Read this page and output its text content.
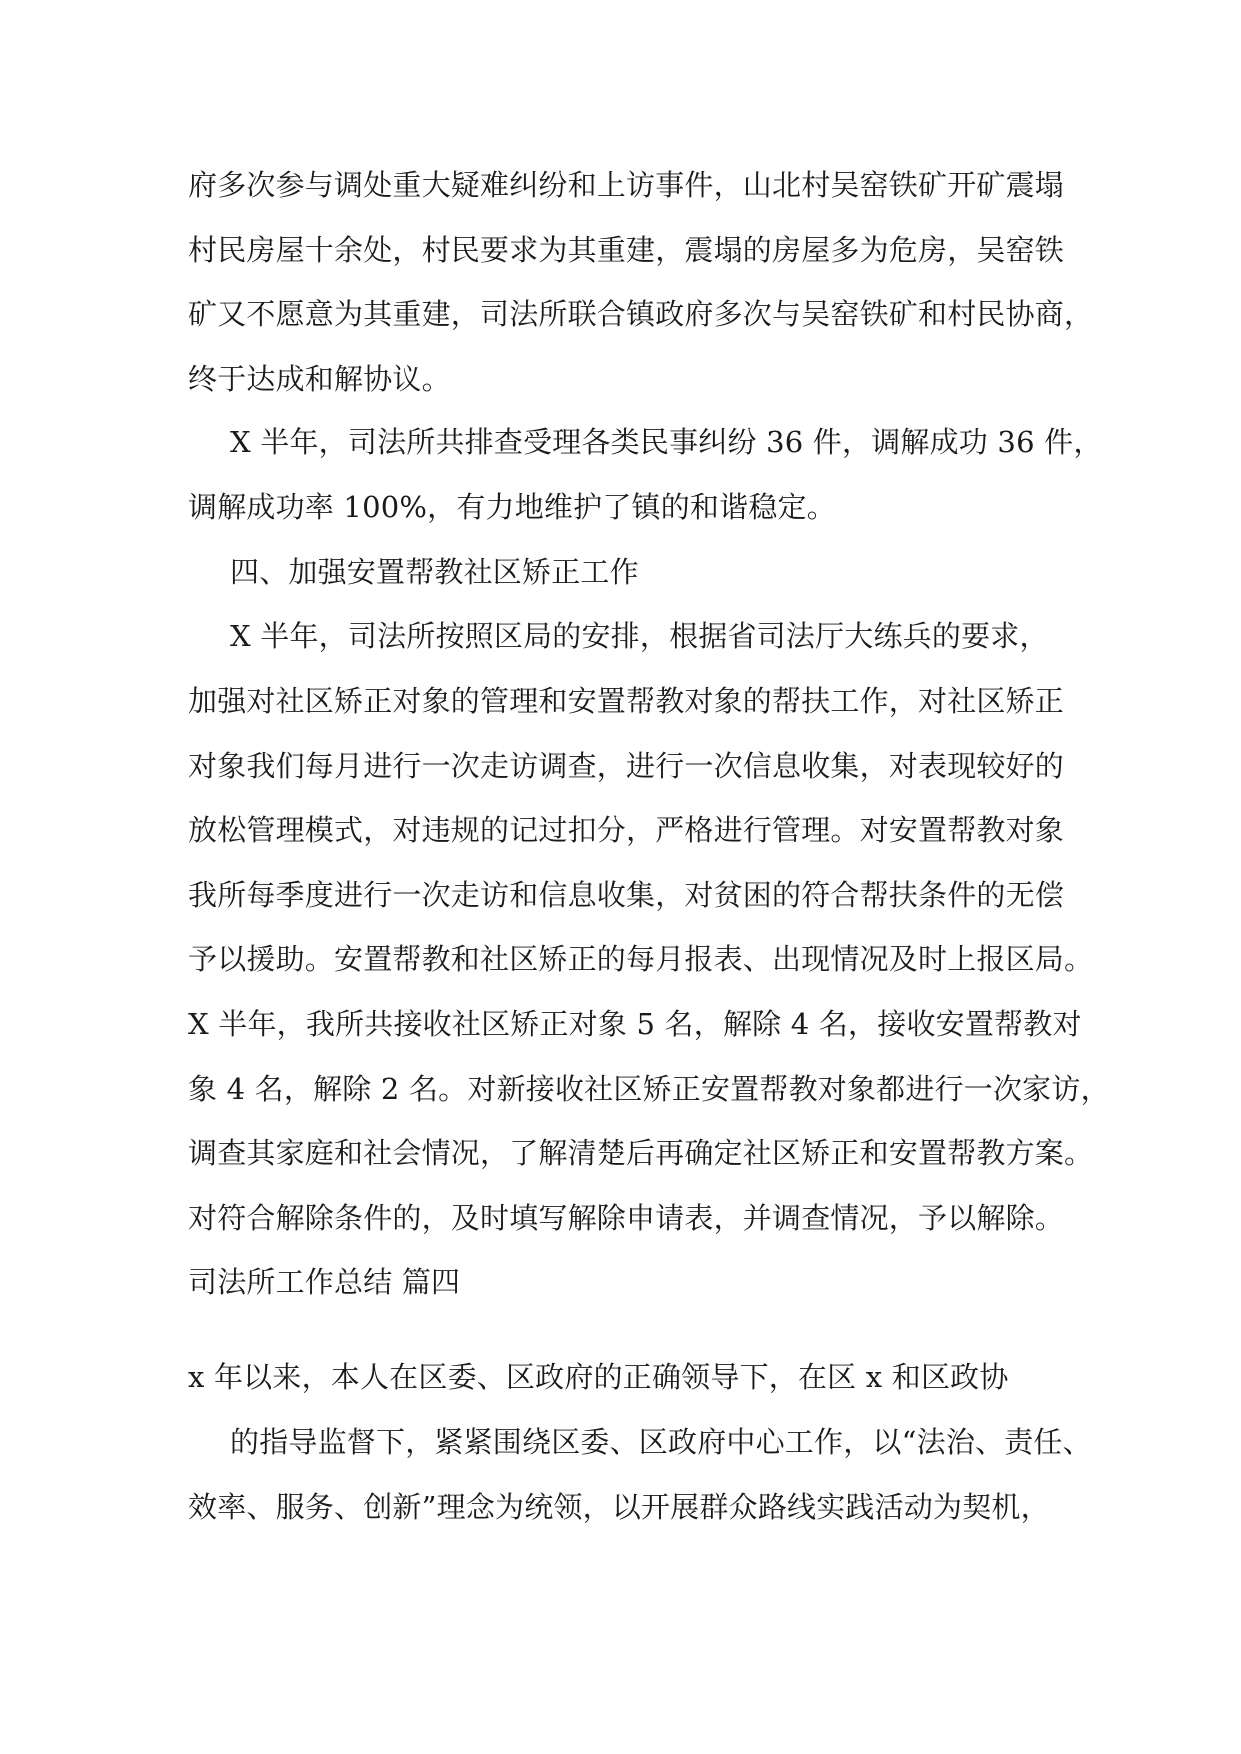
府多次参与调处重大疑难纠纷和上访事件，山北村吴窑铁矿开矿震塌
村民房屋十余处，村民要求为其重建，震塌的房屋多为危房，吴窑铁
矿又不愿意为其重建，司法所联合镇政府多次与吴窑铁矿和村民协商，
终于达成和解协议。
X 半年，司法所共排查受理各类民事纠纷 36 件，调解成功 36 件，
调解成功率 100%，有力地维护了镇的和谐稳定。
四、加强安置帮教社区矫正工作
X 半年，司法所按照区局的安排，根据省司法厅大练兵的要求，
加强对社区矫正对象的管理和安置帮教对象的帮扶工作，对社区矫正
对象我们每月进行一次走访调查，进行一次信息收集，对表现较好的
放松管理模式，对违规的记过扣分，严格进行管理。对安置帮教对象
我所每季度进行一次走访和信息收集，对贫困的符合帮扶条件的无偿
予以援助。安置帮教和社区矫正的每月报表、出现情况及时上报区局。
X 半年，我所共接收社区矫正对象 5 名，解除 4 名，接收安置帮教对
象 4 名，解除 2 名。对新接收社区矫正安置帮教对象都进行一次家访，
调查其家庭和社会情况，了解清楚后再确定社区矫正和安置帮教方案。
对符合解除条件的，及时填写解除申请表，并调查情况，予以解除。
司法所工作总结 篇四
x 年以来，本人在区委、区政府的正确领导下，在区 x 和区政协
的指导监督下，紧紧围绕区委、区政府中心工作，以“法治、责任、
效率、服务、创新”理念为统领，以开展群众路线实践活动为契机，
